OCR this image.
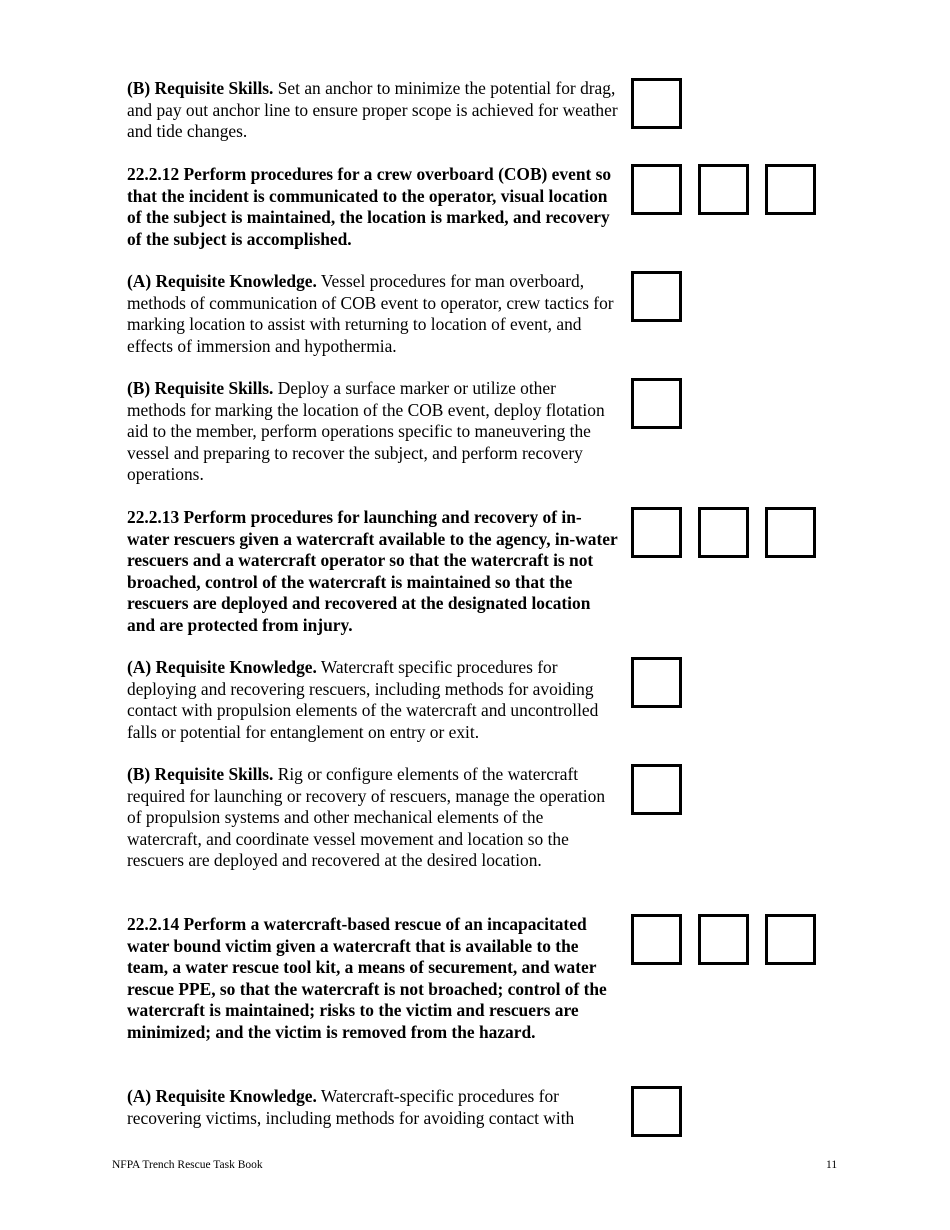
(B) Requisite Skills. Set an anchor to minimize the potential for drag, and pay out anchor line to ensure proper scope is achieved for weather and tide changes.

22.2.12 Perform procedures for a crew overboard (COB) event so that the incident is communicated to the operator, visual location of the subject is maintained, the location is marked, and recovery of the subject is accomplished.

(A) Requisite Knowledge. Vessel procedures for man overboard, methods of communication of COB event to operator, crew tactics for marking location to assist with returning to location of event, and effects of immersion and hypothermia.

(B) Requisite Skills. Deploy a surface marker or utilize other methods for marking the location of the COB event, deploy flotation aid to the member, perform operations specific to maneuvering the vessel and preparing to recover the subject, and perform recovery operations.

22.2.13 Perform procedures for launching and recovery of in-water rescuers given a watercraft available to the agency, in-water rescuers and a watercraft operator so that the watercraft is not broached, control of the watercraft is maintained so that the rescuers are deployed and recovered at the designated location and are protected from injury.

(A) Requisite Knowledge. Watercraft specific procedures for deploying and recovering rescuers, including methods for avoiding contact with propulsion elements of the watercraft and uncontrolled falls or potential for entanglement on entry or exit.

(B) Requisite Skills. Rig or configure elements of the watercraft required for launching or recovery of rescuers, manage the operation of propulsion systems and other mechanical elements of the watercraft, and coordinate vessel movement and location so the rescuers are deployed and recovered at the desired location.

22.2.14 Perform a watercraft-based rescue of an incapacitated water bound victim given a watercraft that is available to the team, a water rescue tool kit, a means of securement, and water rescue PPE, so that the watercraft is not broached; control of the watercraft is maintained; risks to the victim and rescuers are minimized; and the victim is removed from the hazard.

(A) Requisite Knowledge. Watercraft-specific procedures for recovering victims, including methods for avoiding contact with

NFPA Trench Rescue Task Book	11
